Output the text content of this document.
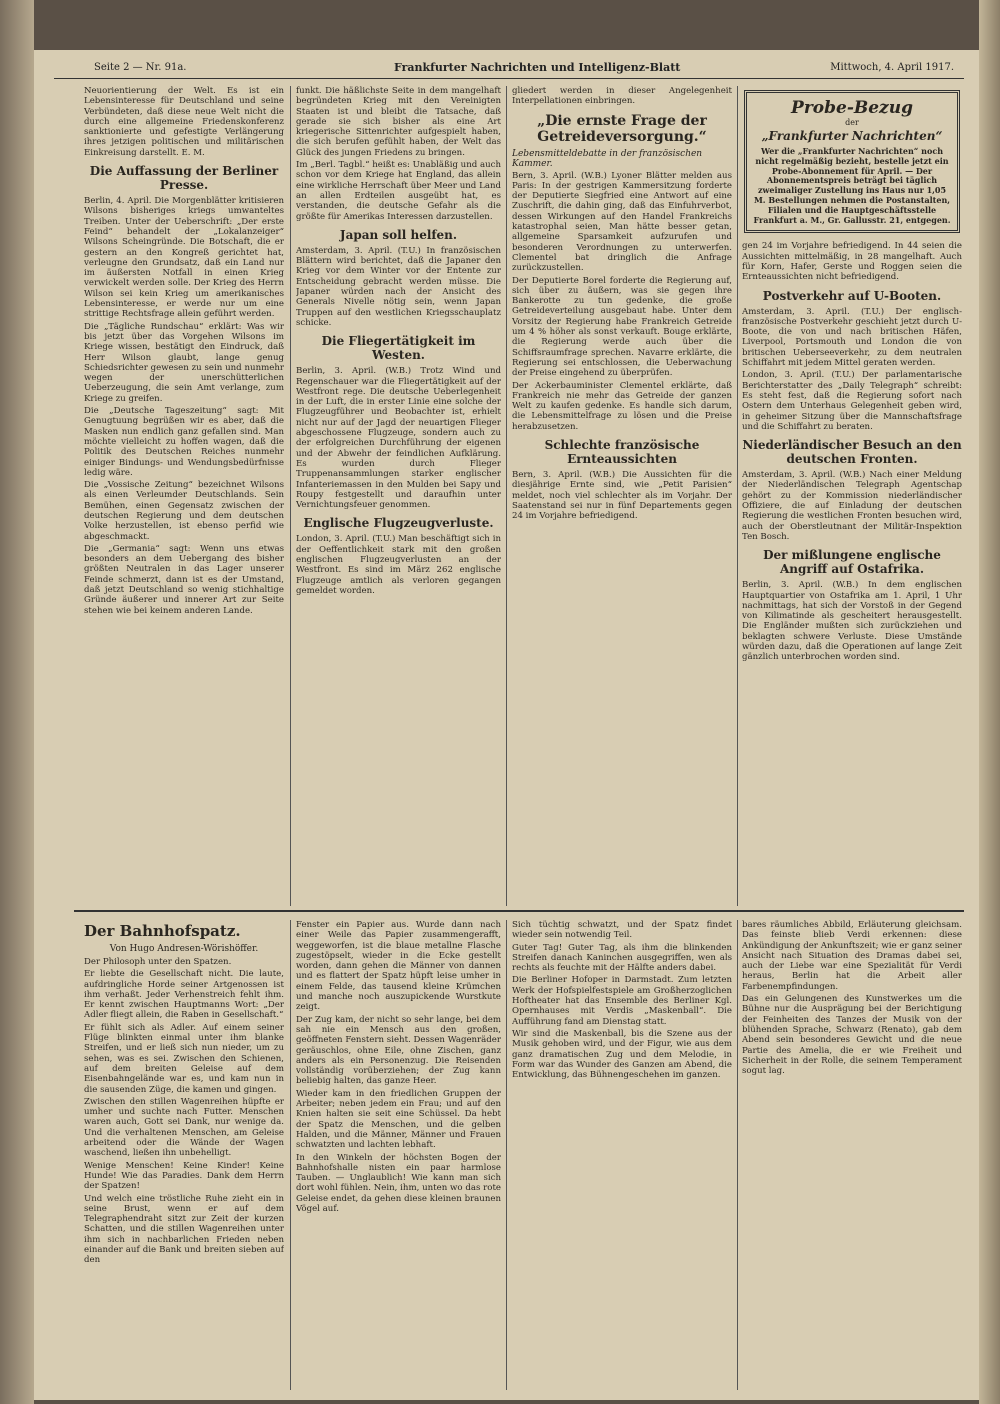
Seite 2 — Nr. 91a.	Frankfurter Nachrichten und Intelligenz-Blatt	Mittwoch, 4. April 1917.

Neuorientierung der Welt. Es ist ein Lebensinteresse für Deutschland und seine Verbündeten, daß diese neue Welt nicht die durch eine allgemeine Friedenskonferenz sanktionierte und gefestigte Verlängerung ihres jetzigen politischen und militärischen Einkreisung darstellt. E. M.

Die Auffassung der Berliner Presse.

Berlin, 4. April. Die Morgenblätter kritisieren Wilsons bisheriges kriegs umwanteltes Treiben. Unter der Ueberschrift: „Der erste Feind“ behandelt der „Lokalanzeiger“ Wilsons Scheingründe. Die Botschaft, die er gestern an den Kongreß gerichtet hat, verleugne den Grundsatz, daß ein Land nur im äußersten Notfall in einen Krieg verwickelt werden solle. Der Krieg des Herrn Wilson sei kein Krieg um amerikanisches Lebensinteresse, er werde nur um eine strittige Rechtsfrage allein geführt werden.

Die „Tägliche Rundschau“ erklärt: Was wir bis jetzt über das Vorgehen Wilsons im Kriege wissen, bestätigt den Eindruck, daß Herr Wilson glaubt, lange genug Schiedsrichter gewesen zu sein und nunmehr wegen der unerschütterlichen Ueberzeugung, die sein Amt verlange, zum Kriege zu greifen.

Die „Deutsche Tageszeitung“ sagt: Mit Genugtuung begrüßen wir es aber, daß die Masken nun endlich ganz gefallen sind. Man möchte vielleicht zu hoffen wagen, daß die Politik des Deutschen Reiches nunmehr einiger Bindungs- und Wendungsbedürfnisse ledig wäre.

Die „Vossische Zeitung“ bezeichnet Wilsons als einen Verleumder Deutschlands. Sein Bemühen, einen Gegensatz zwischen der deutschen Regierung und dem deutschen Volke herzustellen, ist ebenso perfid wie abgeschmackt.

Die „Germania“ sagt: Wenn uns etwas besonders an dem Uebergang des bisher größten Neutralen in das Lager unserer Feinde schmerzt, dann ist es der Umstand, daß jetzt Deutschland so wenig stichhaltige Gründe äußerer und innerer Art zur Seite stehen wie bei keinem anderen Lande.

funkt. Die häßlichste Seite in dem mangelhaft begründeten Krieg mit den Vereinigten Staaten ist und bleibt die Tatsache, daß gerade sie sich bisher als eine Art kriegerische Sittenrichter aufgespielt haben, die sich berufen gefühlt haben, der Welt das Glück des jungen Friedens zu bringen.

Im „Berl. Tagbl.“ heißt es: Unabläßig und auch schon vor dem Kriege hat England, das allein eine wirkliche Herrschaft über Meer und Land an allen Erdteilen ausgeübt hat, es verstanden, die deutsche Gefahr als die größte für Amerikas Interessen darzustellen.

Japan soll helfen.

Amsterdam, 3. April. (T.U.) In französischen Blättern wird berichtet, daß die Japaner den Krieg vor dem Winter vor der Entente zur Entscheidung gebracht werden müsse. Die Japaner würden nach der Ansicht des Generals Nivelle nötig sein, wenn Japan Truppen auf den westlichen Kriegsschauplatz schicke.

Die Fliegertätigkeit im Westen.

Berlin, 3. April. (W.B.) Trotz Wind und Regenschauer war die Fliegertätigkeit auf der Westfront rege. Die deutsche Ueberlegenheit in der Luft, die in erster Linie eine solche der Flugzeugführer und Beobachter ist, erhielt nicht nur auf der Jagd der neuartigen Flieger abgeschossene Flugzeuge, sondern auch zu der erfolgreichen Durchführung der eigenen und der Abwehr der feindlichen Aufklärung. Es wurden durch Flieger Truppenansammlungen starker englischer Infanteriemassen in den Mulden bei Sapy und Roupy festgestellt und daraufhin unter Vernichtungsfeuer genommen.

Englische Flugzeugverluste.

London, 3. April. (T.U.) Man beschäftigt sich in der Oeffentlichkeit stark mit den großen englischen Flugzeugverlusten an der Westfront. Es sind im März 262 englische Flugzeuge amtlich als verloren gegangen gemeldet worden.

gliedert werden in dieser Angelegenheit Interpellationen einbringen.

„Die ernste Frage der Getreideversorgung.“
Lebensmitteldebatte in der französischen Kammer.

Bern, 3. April. (W.B.) Lyoner Blätter melden aus Paris: In der gestrigen Kammersitzung forderte der Deputierte Siegfried eine Antwort auf eine Zuschrift, die dahin ging, daß das Einfuhrverbot, dessen Wirkungen auf den Handel Frankreichs katastrophal seien, Man hätte besser getan, allgemeine Sparsamkeit aufzurufen und besonderen Verordnungen zu unterwerfen. Clementel bat dringlich die Anfrage zurückzustellen.

Der Deputierte Borel forderte die Regierung auf, sich über zu äußern, was sie gegen ihre Bankerotte zu tun gedenke, die große Getreideverteilung ausgebaut habe. Unter dem Vorsitz der Regierung habe Frankreich Getreide um 4 % höher als sonst verkauft. Bouge erklärte, die Regierung werde auch über die Schiffsraumfrage sprechen. Navarre erklärte, die Regierung sei entschlossen, die Ueberwachung der Preise eingehend zu überprüfen.

Der Ackerbauminister Clementel erklärte, daß Frankreich nie mehr das Getreide der ganzen Welt zu kaufen gedenke. Es handle sich darum, die Lebensmittelfrage zu lösen und die Preise herabzusetzen.

Schlechte französische Ernteaussichten

Bern, 3. April. (W.B.) Die Aussichten für die diesjährige Ernte sind, wie „Petit Parisien“ meldet, noch viel schlechter als im Vorjahr. Der Saatenstand sei nur in fünf Departements gegen 24 im Vorjahre befriedigend.

Probe-Bezug
der
„Frankfurter Nachrichten“
Wer die „Frankfurter Nachrichten“ noch nicht regelmäßig bezieht, bestelle jetzt ein Probe-Abonnement für April. — Der Abonnementspreis beträgt bei täglich zweimaliger Zustellung ins Haus nur 1,05 M. Bestellungen nehmen die Postanstalten, Filialen und die Hauptgeschäftsstelle Frankfurt a. M., Gr. Gallusstr. 21, entgegen.

gen 24 im Vorjahre befriedigend. In 44 seien die Aussichten mittelmäßig, in 28 mangelhaft. Auch für Korn, Hafer, Gerste und Roggen seien die Ernteaussichten nicht befriedigend.

Postverkehr auf U-Booten.

Amsterdam, 3. April. (T.U.) Der englisch-französische Postverkehr geschieht jetzt durch U-Boote, die von und nach britischen Häfen, Liverpool, Portsmouth und London die von britischen Ueberseeverkehr, zu dem neutralen Schiffahrt mit jedem Mittel geraten werden.

London, 3. April. (T.U.) Der parlamentarische Berichterstatter des „Daily Telegraph“ schreibt: Es steht fest, daß die Regierung sofort nach Ostern dem Unterhaus Gelegenheit geben wird, in geheimer Sitzung über die Mannschaftsfrage und die Schiffahrt zu beraten.

Niederländischer Besuch an den deutschen Fronten.

Amsterdam, 3. April. (W.B.) Nach einer Meldung der Niederländischen Telegraph Agentschap gehört zu der Kommission niederländischer Offiziere, die auf Einladung der deutschen Regierung die westlichen Fronten besuchen wird, auch der Oberstleutnant der Militär-Inspektion Ten Bosch.

Der mißlungene englische Angriff auf Ostafrika.

Berlin, 3. April. (W.B.) In dem englischen Hauptquartier von Ostafrika am 1. April, 1 Uhr nachmittags, hat sich der Vorstoß in der Gegend von Kilimatinde als gescheitert herausgestellt. Die Engländer mußten sich zurückziehen und beklagten schwere Verluste. Diese Umstände würden dazu, daß die Operationen auf lange Zeit gänzlich unterbrochen worden sind.

Der Bahnhofspatz.
Von Hugo Andresen-Wörishöffer.

Der Philosoph unter den Spatzen.

Er liebte die Gesellschaft nicht. Die laute, aufdringliche Horde seiner Artgenossen ist ihm verhaßt. Jeder Verhenstreich fehlt ihm. Er kennt zwischen Hauptmanns Wort: „Der Adler fliegt allein, die Raben in Gesellschaft.“

Er fühlt sich als Adler. Auf einem seiner Flüge blinkten einmal unter ihm blanke Streifen, und er ließ sich nun nieder, um zu sehen, was es sei. Zwischen den Schienen, auf dem breiten Geleise auf dem Eisenbahngelände war es, und kam nun in die sausenden Züge, die kamen und gingen.

Zwischen den stillen Wagenreihen hüpfte er umher und suchte nach Futter. Menschen waren auch, Gott sei Dank, nur wenige da. Und die verhaltenen Menschen, am Geleise arbeitend oder die Wände der Wagen waschend, ließen ihn unbehelligt.

Wenige Menschen! Keine Kinder! Keine Hunde! Wie das Paradies. Dank dem Herrn der Spatzen!

Und welch eine tröstliche Ruhe zieht ein in seine Brust, wenn er auf dem Telegraphendraht sitzt zur Zeit der kurzen Schatten, und die stillen Wagenreihen unter ihm sich in nachbarlichen Frieden neben einander auf die Bank und breiten sieben auf den

Fenster ein Papier aus. Wurde dann nach einer Weile das Papier zusammengerafft, weggeworfen, ist die blaue metallne Flasche zugestöpselt, wieder in die Ecke gestellt worden, dann gehen die Männer von dannen und es flattert der Spatz hüpft leise umher in einem Felde, das tausend kleine Krümchen und manche noch auszupickende Wurstkute zeigt.

Der Zug kam, der nicht so sehr lange, bei dem sah nie ein Mensch aus den großen, geöffneten Fenstern sieht. Dessen Wagenräder geräuschlos, ohne Eile, ohne Zischen, ganz anders als ein Personenzug. Die Reisenden vollständig vorüberziehen; der Zug kann beliebig halten, das ganze Heer.

Wieder kam in den friedlichen Gruppen der Arbeiter; neben jedem ein Frau; und auf den Knien halten sie seit eine Schüssel. Da hebt der Spatz die Menschen, und die gelben Halden, und die Männer, Männer und Frauen schwatzten und lachten lebhaft.

In den Winkeln der höchsten Bogen der Bahnhofshalle nisten ein paar harmlose Tauben. — Unglaublich! Wie kann man sich dort wohl fühlen. Nein, ihm, unten wo das rote Geleise endet, da gehen diese kleinen braunen Vögel auf.

Sich tüchtig schwatzt, und der Spatz findet wieder sein notwendig Teil.

Guter Tag! Guter Tag, als ihm die blinkenden Streifen danach Kaninchen ausgegriffen, wen als rechts als feuchte mit der Hälfte anders dabei.

Die Berliner Hofoper in Darmstadt. Zum letzten Werk der Hofspielfestspiele am Großherzoglichen Hoftheater hat das Ensemble des Berliner Kgl. Opernhauses mit Verdis „Maskenball“. Die Aufführung fand am Dienstag statt.

Wir sind die Maskenball, bis die Szene aus der Musik gehoben wird, und der Figur, wie aus dem ganz dramatischen Zug und dem Melodie, in Form war das Wunder des Ganzen am Abend, die Entwicklung, das Bühnengeschehen im ganzen.

bares räumliches Abbild, Erläuterung gleichsam. Das feinste blieb Verdi erkennen: diese Ankündigung der Ankunftszeit; wie er ganz seiner Ansicht nach Situation des Dramas dabei sei, auch der Liebe war eine Spezialität für Verdi heraus, Berlin hat die Arbeit aller Farbenempfindungen.

Das ein Gelungenen des Kunstwerkes um die Bühne nur die Ausprägung bei der Berichtigung der Feinheiten des Tanzes der Musik von der blühenden Sprache, Schwarz (Renato), gab dem Abend sein besonderes Gewicht und die neue Partie des Amelia, die er wie Freiheit und Sicherheit in der Rolle, die seinem Temperament sogut lag.
